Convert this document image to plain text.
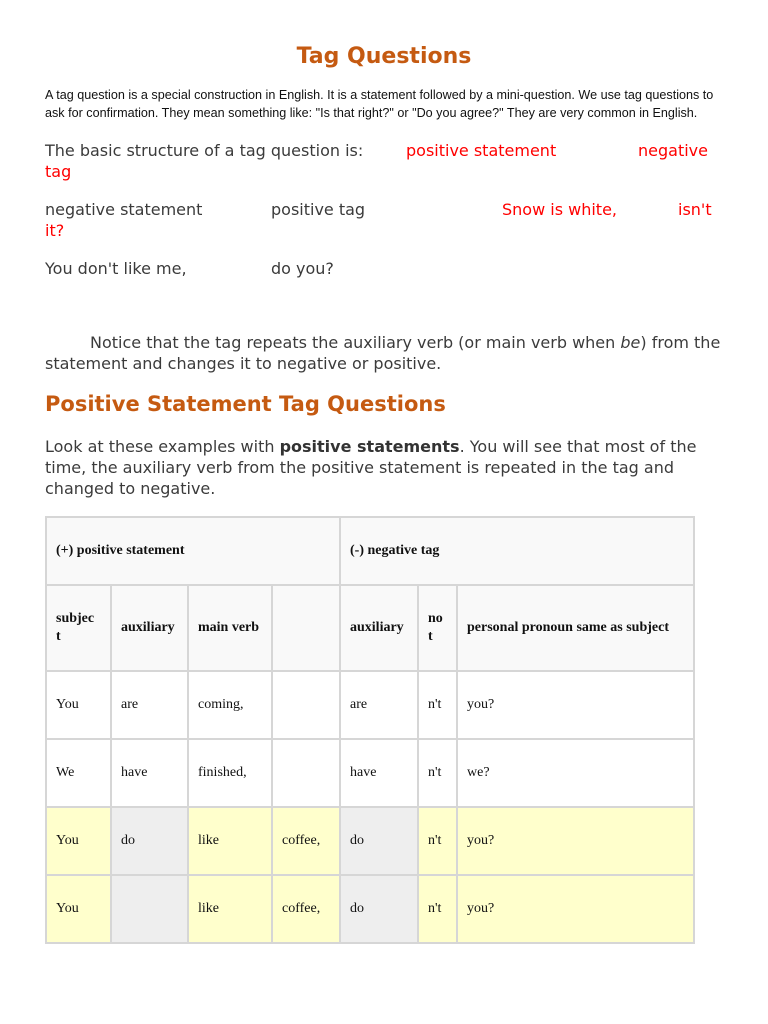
Tag Questions

A tag question is a special construction in English. It is a statement followed by a mini-question. We use tag questions to ask for confirmation. They mean something like: "Is that right?" or "Do you agree?" They are very common in English.

The basic structure of a tag question is:	positive statement	negative
tag
negative statement	positive tag	Snow is white,	isn't
it?
You don't like me,	do you?

Notice that the tag repeats the auxiliary verb (or main verb when be) from the statement and changes it to negative or positive.

Positive Statement Tag Questions

Look at these examples with positive statements. You will see that most of the time, the auxiliary verb from the positive statement is repeated in the tag and changed to negative.

(+) positive statement				(-) negative tag		
subjec t	auxiliary	main verb		auxiliary	no t	personal pronoun same as subject
You	are	coming,		are	n't	you?
We	have	finished,		have	n't	we?
You	do	like	coffee,	do	n't	you?
You		like	coffee,	do	n't	you?
